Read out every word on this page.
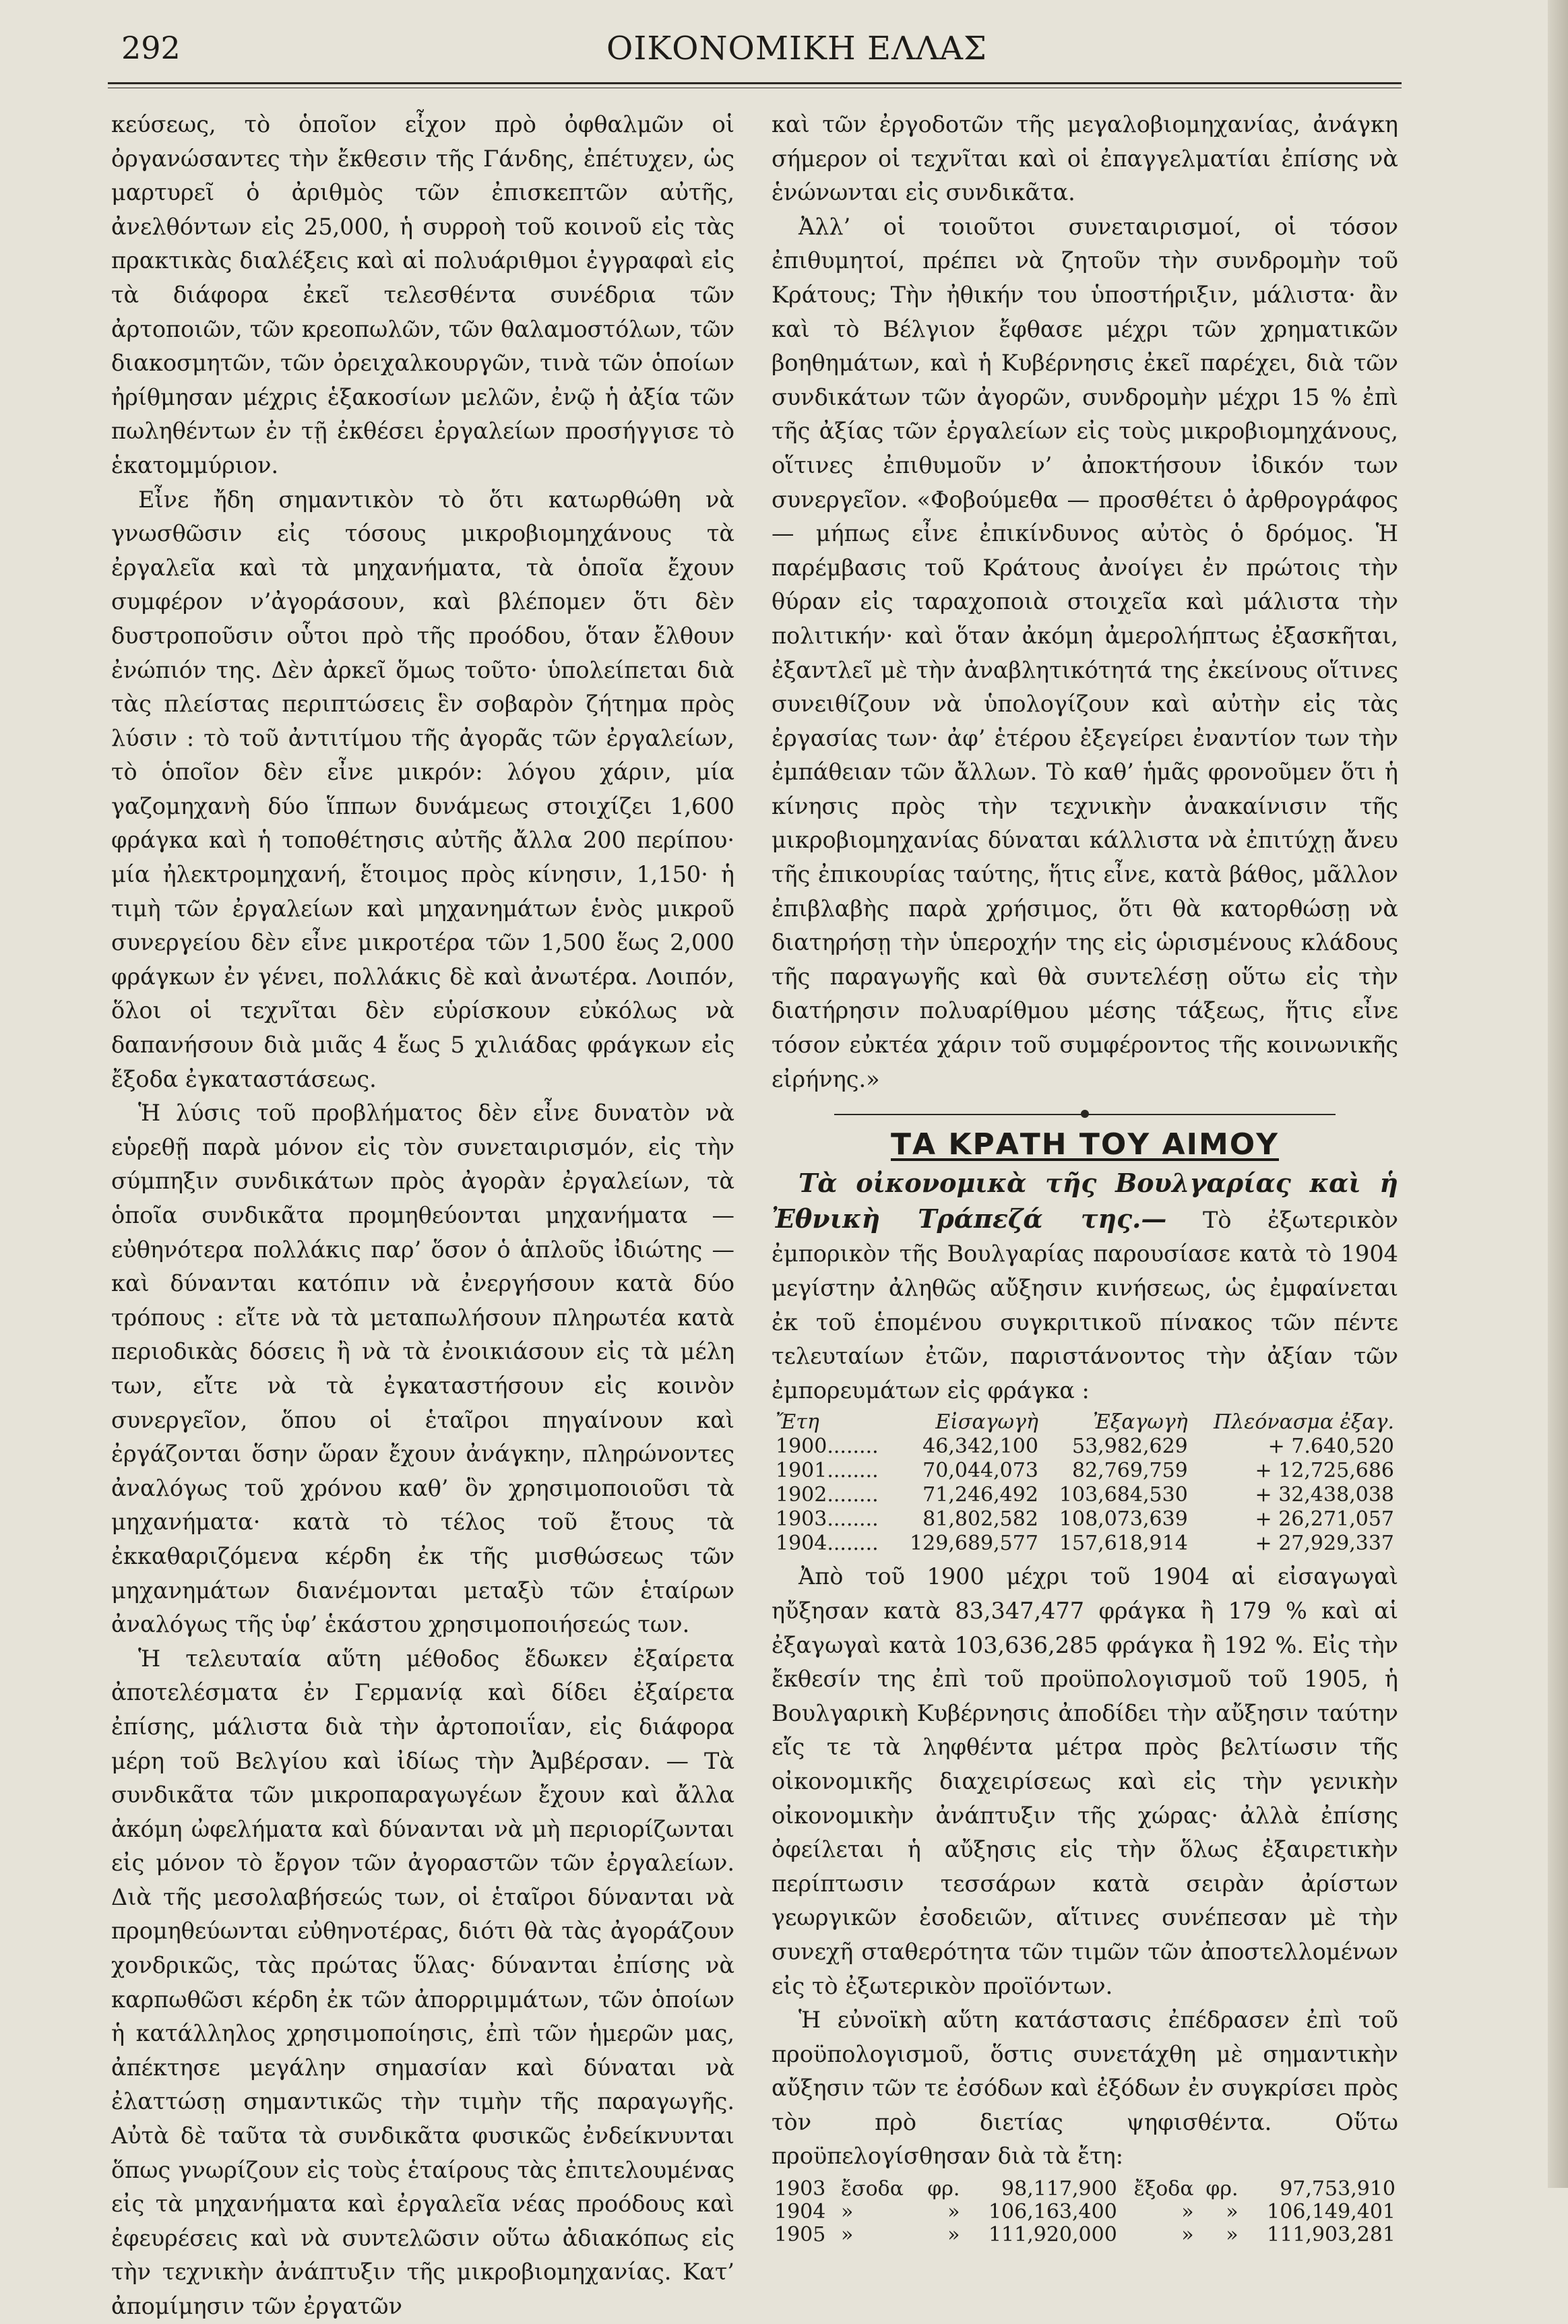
292	ΟΙΚΟΝΟΜΙΚΗ ΕΛΛΑΣ

κεύσεως, τὸ ὁποῖον εἶχον πρὸ ὀφθαλμῶν οἱ ὀργανώσαντες τὴν ἔκθεσιν τῆς Γάνδης, ἐπέτυχεν, ὡς μαρτυρεῖ ὁ ἀριθμὸς τῶν ἐπισκεπτῶν αὐτῆς, ἀνελθόντων εἰς 25,000, ἡ συρροὴ τοῦ κοινοῦ εἰς τὰς πρακτικὰς διαλέξεις καὶ αἱ πολυάριθμοι ἐγγραφαὶ εἰς τὰ διάφορα ἐκεῖ τελεσθέντα συνέδρια τῶν ἀρτοποιῶν, τῶν κρεοπωλῶν, τῶν θαλαμοστόλων, τῶν διακοσμητῶν, τῶν ὀρειχαλκουργῶν, τινὰ τῶν ὁποίων ἠρίθμησαν μέχρις ἑξακοσίων μελῶν, ἐνῷ ἡ ἀξία τῶν πωληθέντων ἐν τῇ ἐκθέσει ἐργαλείων προσήγγισε τὸ ἑκατομμύριον.

Εἶνε ἤδη σημαντικὸν τὸ ὅτι κατωρθώθη νὰ γνωσθῶσιν εἰς τόσους μικροβιομηχάνους τὰ ἐργαλεῖα καὶ τὰ μηχανήματα, τὰ ὁποῖα ἔχουν συμφέρον ν’ἀγοράσουν, καὶ βλέπομεν ὅτι δὲν δυστροποῦσιν οὗτοι πρὸ τῆς προόδου, ὅταν ἔλθουν ἐνώπιόν της. Δὲν ἀρκεῖ ὅμως τοῦτο· ὑπολείπεται διὰ τὰς πλείστας περιπτώσεις ἓν σοβαρὸν ζήτημα πρὸς λύσιν : τὸ τοῦ ἀντιτίμου τῆς ἀγορᾶς τῶν ἐργαλείων, τὸ ὁποῖον δὲν εἶνε μικρόν: λόγου χάριν, μία γαζομηχανὴ δύο ἵππων δυνάμεως στοιχίζει 1,600 φράγκα καὶ ἡ τοποθέτησις αὐτῆς ἄλλα 200 περίπου· μία ἠλεκτρομηχανή, ἕτοιμος πρὸς κίνησιν, 1,150· ἡ τιμὴ τῶν ἐργαλείων καὶ μηχανημάτων ἑνὸς μικροῦ συνεργείου δὲν εἶνε μικροτέρα τῶν 1,500 ἕως 2,000 φράγκων ἐν γένει, πολλάκις δὲ καὶ ἀνωτέρα. Λοιπόν, ὅλοι οἱ τεχνῖται δὲν εὑρίσκουν εὐκόλως νὰ δαπανήσουν διὰ μιᾶς 4 ἕως 5 χιλιάδας φράγκων εἰς ἔξοδα ἐγκαταστάσεως.

Ἡ λύσις τοῦ προβλήματος δὲν εἶνε δυνατὸν νὰ εὑρεθῇ παρὰ μόνον εἰς τὸν συνεταιρισμόν, εἰς τὴν σύμπηξιν συνδικάτων πρὸς ἀγορὰν ἐργαλείων, τὰ ὁποῖα συνδικᾶτα προμηθεύονται μηχανήματα — εὐθηνότερα πολλάκις παρ’ ὅσον ὁ ἁπλοῦς ἰδιώτης — καὶ δύνανται κατόπιν νὰ ἐνεργήσουν κατὰ δύο τρόπους : εἴτε νὰ τὰ μεταπωλήσουν πληρωτέα κατὰ περιοδικὰς δόσεις ἢ νὰ τὰ ἐνοικιάσουν εἰς τὰ μέλη των, εἴτε νὰ τὰ ἐγκαταστήσουν εἰς κοινὸν συνεργεῖον, ὅπου οἱ ἑταῖροι πηγαίνουν καὶ ἐργάζονται ὅσην ὥραν ἔχουν ἀνάγκην, πληρώνοντες ἀναλόγως τοῦ χρόνου καθ’ ὃν χρησιμοποιοῦσι τὰ μηχανήματα· κατὰ τὸ τέλος τοῦ ἔτους τὰ ἐκκαθαριζόμενα κέρδη ἐκ τῆς μισθώσεως τῶν μηχανημάτων διανέμονται μεταξὺ τῶν ἑταίρων ἀναλόγως τῆς ὑφ’ ἑκάστου χρησιμοποιήσεώς των.

Ἡ τελευταία αὕτη μέθοδος ἔδωκεν ἐξαίρετα ἀποτελέσματα ἐν Γερμανίᾳ καὶ δίδει ἐξαίρετα ἐπίσης, μάλιστα διὰ τὴν ἀρτοποιΐαν, εἰς διάφορα μέρη τοῦ Βελγίου καὶ ἰδίως τὴν Ἀμβέρσαν. — Τὰ συνδικᾶτα τῶν μικροπαραγωγέων ἔχουν καὶ ἄλλα ἀκόμη ὠφελήματα καὶ δύνανται νὰ μὴ περιορίζωνται εἰς μόνον τὸ ἔργον τῶν ἀγοραστῶν τῶν ἐργαλείων. Διὰ τῆς μεσολαβήσεώς των, οἱ ἑταῖροι δύνανται νὰ προμηθεύωνται εὐθηνοτέρας, διότι θὰ τὰς ἀγοράζουν χονδρικῶς, τὰς πρώτας ὕλας· δύνανται ἐπίσης νὰ καρπωθῶσι κέρδη ἐκ τῶν ἀπορριμμάτων, τῶν ὁποίων ἡ κατάλληλος χρησιμοποίησις, ἐπὶ τῶν ἡμερῶν μας, ἀπέκτησε μεγάλην σημασίαν καὶ δύναται νὰ ἐλαττώσῃ σημαντικῶς τὴν τιμὴν τῆς παραγωγῆς. Αὐτὰ δὲ ταῦτα τὰ συνδικᾶτα φυσικῶς ἐνδείκνυνται ὅπως γνωρίζουν εἰς τοὺς ἑταίρους τὰς ἐπιτελουμένας εἰς τὰ μηχανήματα καὶ ἐργαλεῖα νέας προόδους καὶ ἐφευρέσεις καὶ νὰ συντελῶσιν οὕτω ἀδιακόπως εἰς τὴν τεχνικὴν ἀνάπτυξιν τῆς μικροβιομηχανίας. Κατ’ ἀπομίμησιν τῶν ἐργατῶν

καὶ τῶν ἐργοδοτῶν τῆς μεγαλοβιομηχανίας, ἀνάγκη σήμερον οἱ τεχνῖται καὶ οἱ ἐπαγγελματίαι ἐπίσης νὰ ἑνώνωνται εἰς συνδικᾶτα.

Ἀλλ’ οἱ τοιοῦτοι συνεταιρισμοί, οἱ τόσον ἐπιθυμητοί, πρέπει νὰ ζητοῦν τὴν συνδρομὴν τοῦ Κράτους; Τὴν ἠθικήν του ὑποστήριξιν, μάλιστα· ἂν καὶ τὸ Βέλγιον ἔφθασε μέχρι τῶν χρηματικῶν βοηθημάτων, καὶ ἡ Κυβέρνησις ἐκεῖ παρέχει, διὰ τῶν συνδικάτων τῶν ἀγορῶν, συνδρομὴν μέχρι 15 % ἐπὶ τῆς ἀξίας τῶν ἐργαλείων εἰς τοὺς μικροβιομηχάνους, οἵτινες ἐπιθυμοῦν ν’ ἀποκτήσουν ἰδικόν των συνεργεῖον. «Φοβούμεθα — προσθέτει ὁ ἀρθρογράφος — μήπως εἶνε ἐπικίνδυνος αὐτὸς ὁ δρόμος. Ἡ παρέμβασις τοῦ Κράτους ἀνοίγει ἐν πρώτοις τὴν θύραν εἰς ταραχοποιὰ στοιχεῖα καὶ μάλιστα τὴν πολιτικήν· καὶ ὅταν ἀκόμη ἀμερολήπτως ἐξασκῆται, ἐξαντλεῖ μὲ τὴν ἀναβλητικότητά της ἐκείνους οἵτινες συνειθίζουν νὰ ὑπολογίζουν καὶ αὐτὴν εἰς τὰς ἐργασίας των· ἀφ’ ἑτέρου ἐξεγείρει ἐναντίον των τὴν ἐμπάθειαν τῶν ἄλλων. Τὸ καθ’ ἡμᾶς φρονοῦμεν ὅτι ἡ κίνησις πρὸς τὴν τεχνικὴν ἀνακαίνισιν τῆς μικροβιομηχανίας δύναται κάλλιστα νὰ ἐπιτύχῃ ἄνευ τῆς ἐπικουρίας ταύτης, ἥτις εἶνε, κατὰ βάθος, μᾶλλον ἐπιβλαβὴς παρὰ χρήσιμος, ὅτι θὰ κατορθώσῃ νὰ διατηρήσῃ τὴν ὑπεροχήν της εἰς ὡρισμένους κλάδους τῆς παραγωγῆς καὶ θὰ συντελέσῃ οὕτω εἰς τὴν διατήρησιν πολυαρίθμου μέσης τάξεως, ἥτις εἶνε τόσον εὐκτέα χάριν τοῦ συμφέροντος τῆς κοινωνικῆς εἰρήνης.»

ΤΑ ΚΡΑΤΗ ΤΟΥ ΑΙΜΟΥ

Τὰ οἰκονομικὰ τῆς Βουλγαρίας καὶ ἡ Ἐθνικὴ Τράπεζά της.— Τὸ ἐξωτερικὸν ἐμπορικὸν τῆς Βουλγαρίας παρουσίασε κατὰ τὸ 1904 μεγίστην ἀληθῶς αὔξησιν κινήσεως, ὡς ἐμφαίνεται ἐκ τοῦ ἑπομένου συγκριτικοῦ πίνακος τῶν πέντε τελευταίων ἐτῶν, παριστάνοντος τὴν ἀξίαν τῶν ἐμπορευμάτων εἰς φράγκα :

Ἔτη	Εἰσαγωγὴ	Ἐξαγωγὴ	Πλεόνασμα ἐξαγ.
1900........	46,342,100	53,982,629	+ 7.640,520
1901........	70,044,073	82,769,759	+ 12,725,686
1902........	71,246,492	103,684,530	+ 32,438,038
1903........	81,802,582	108,073,639	+ 26,271,057
1904........	129,689,577	157,618,914	+ 27,929,337

Ἀπὸ τοῦ 1900 μέχρι τοῦ 1904 αἱ εἰσαγωγαὶ ηὔξησαν κατὰ 83,347,477 φράγκα ἢ 179 % καὶ αἱ ἐξαγωγαὶ κατὰ 103,636,285 φράγκα ἢ 192 %. Εἰς τὴν ἔκθεσίν της ἐπὶ τοῦ προϋπολογισμοῦ τοῦ 1905, ἡ Βουλγαρικὴ Κυβέρνησις ἀποδίδει τὴν αὔξησιν ταύτην εἴς τε τὰ ληφθέντα μέτρα πρὸς βελτίωσιν τῆς οἰκονομικῆς διαχειρίσεως καὶ εἰς τὴν γενικὴν οἰκονομικὴν ἀνάπτυξιν τῆς χώρας· ἀλλὰ ἐπίσης ὀφείλεται ἡ αὔξησις εἰς τὴν ὅλως ἐξαιρετικὴν περίπτωσιν τεσσάρων κατὰ σειρὰν ἀρίστων γεωργικῶν ἐσοδειῶν, αἵτινες συνέπεσαν μὲ τὴν συνεχῆ σταθερότητα τῶν τιμῶν τῶν ἀποστελλομένων εἰς τὸ ἐξωτερικὸν προϊόντων.

Ἡ εὐνοϊκὴ αὕτη κατάστασις ἐπέδρασεν ἐπὶ τοῦ προϋπολογισμοῦ, ὅστις συνετάχθη μὲ σημαντικὴν αὔξησιν τῶν τε ἐσόδων καὶ ἐξόδων ἐν συγκρίσει πρὸς τὸν πρὸ διετίας ψηφισθέντα. Οὕτω προϋπελογίσθησαν διὰ τὰ ἔτη:

1903	ἔσοδα	φρ.	98,117,900	ἔξοδα	φρ.	97,753,910
1904	»	»	106,163,400	»	»	106,149,401
1905	»	»	111,920,000	»	»	111,903,281
